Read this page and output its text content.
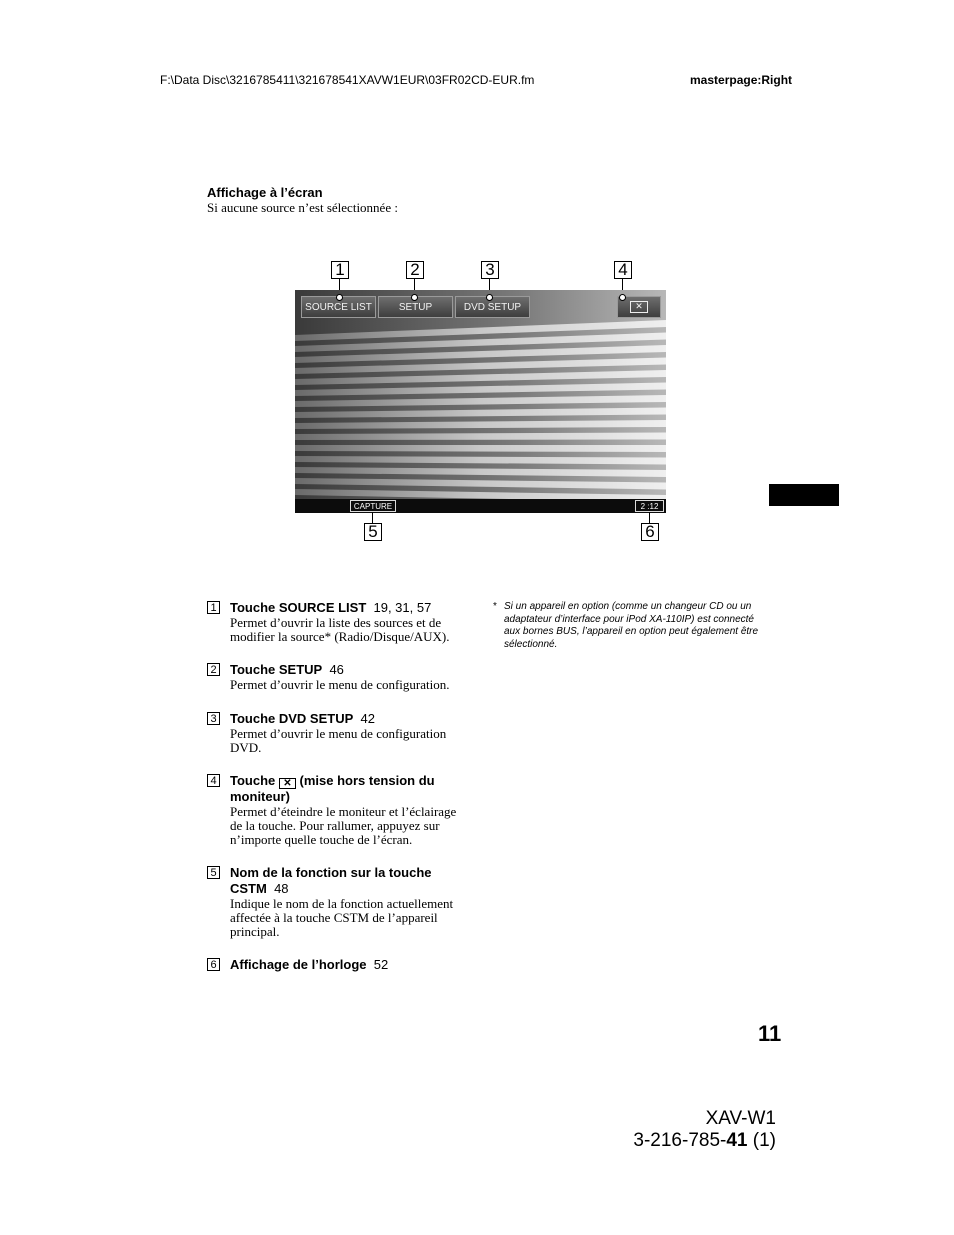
F:\Data Disc\3216785411\321678541XAVW1EUR\03FR02CD-EUR.fm	masterpage:Right
Affichage à l’écran
Si aucune source n’est sélectionnée :
1	2	3	4
SOURCE LIST	SETUP	DVD SETUP	✕
CAPTURE	2 :12
5	6
1 Touche SOURCE LIST 19, 31, 57
Permet d’ouvrir la liste des sources et de modifier la source* (Radio/Disque/AUX).
2 Touche SETUP 46
Permet d’ouvrir le menu de configuration.
3 Touche DVD SETUP 42
Permet d’ouvrir le menu de configuration DVD.
4 Touche ✕ (mise hors tension du moniteur)
Permet d’éteindre le moniteur et l’éclairage de la touche. Pour rallumer, appuyez sur n’importe quelle touche de l’écran.
5 Nom de la fonction sur la touche CSTM 48
Indique le nom de la fonction actuellement affectée à la touche CSTM de l’appareil principal.
6 Affichage de l’horloge 52
* Si un appareil en option (comme un changeur CD ou un adaptateur d’interface pour iPod XA-110IP) est connecté aux bornes BUS, l’appareil en option peut également être sélectionné.
11
XAV-W1
3-216-785-41 (1)
